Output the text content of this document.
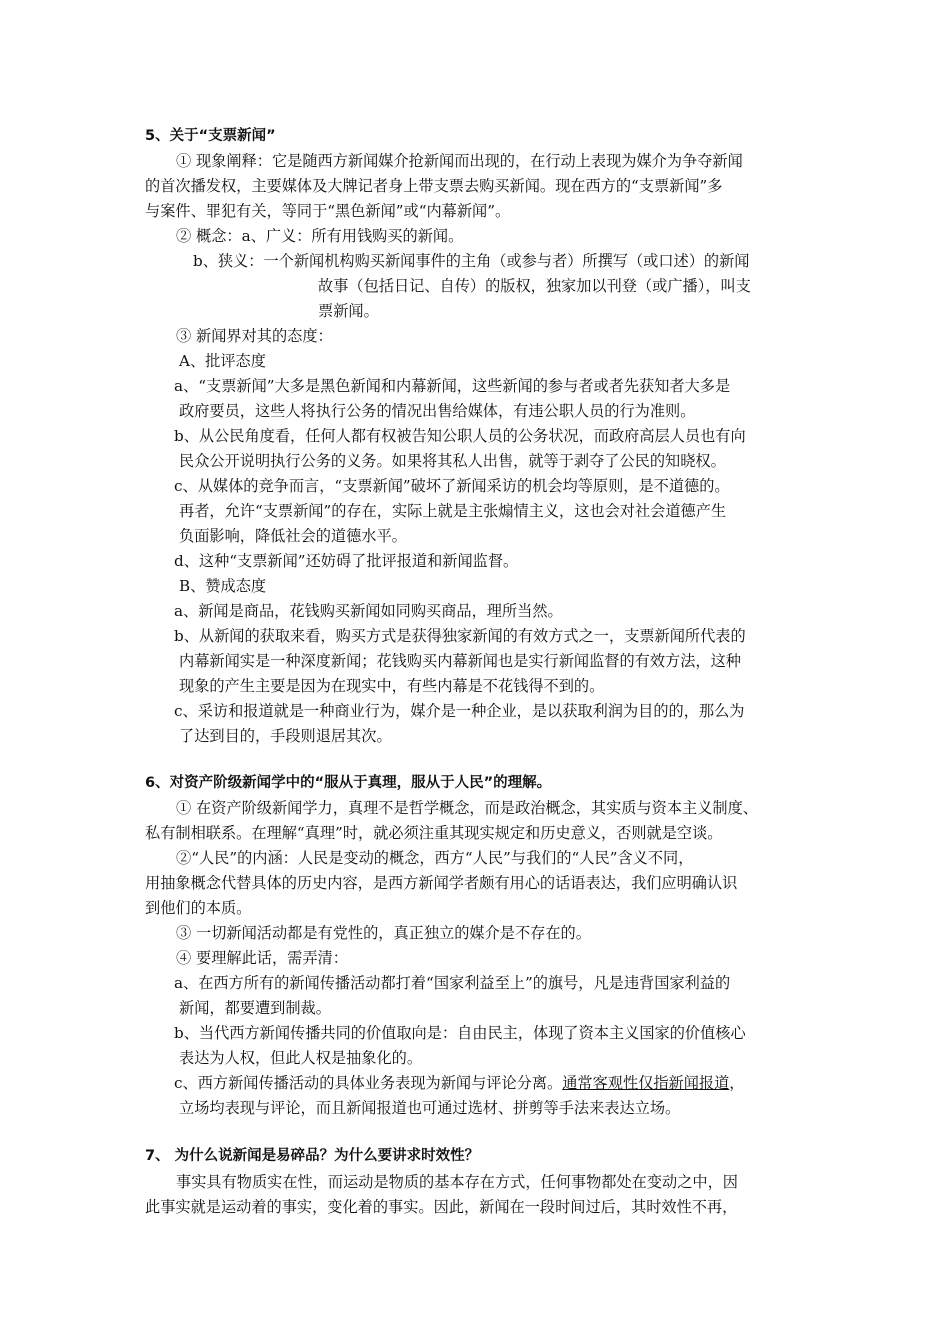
5、关于“支票新闻”
① 现象阐释：它是随西方新闻媒介抢新闻而出现的，在行动上表现为媒介为争夺新闻
的首次播发权，主要媒体及大牌记者身上带支票去购买新闻。现在西方的“支票新闻”多
与案件、罪犯有关，等同于“黑色新闻”或“内幕新闻”。
② 概念：a、广义：所有用钱购买的新闻。
b、狭义：一个新闻机构购买新闻事件的主角（或参与者）所撰写（或口述）的新闻
故事（包括日记、自传）的版权，独家加以刊登（或广播），叫支
票新闻。
③ 新闻界对其的态度：
A、批评态度
a、“支票新闻”大多是黑色新闻和内幕新闻，这些新闻的参与者或者先获知者大多是
政府要员，这些人将执行公务的情况出售给媒体，有违公职人员的行为准则。
b、从公民角度看，任何人都有权被告知公职人员的公务状况，而政府高层人员也有向
民众公开说明执行公务的义务。如果将其私人出售，就等于剥夺了公民的知晓权。
c、从媒体的竞争而言，“支票新闻”破坏了新闻采访的机会均等原则，是不道德的。
再者，允许“支票新闻”的存在，实际上就是主张煽情主义，这也会对社会道德产生
负面影响，降低社会的道德水平。
d、这种“支票新闻”还妨碍了批评报道和新闻监督。
B、赞成态度
a、新闻是商品，花钱购买新闻如同购买商品，理所当然。
b、从新闻的获取来看，购买方式是获得独家新闻的有效方式之一，支票新闻所代表的
内幕新闻实是一种深度新闻；花钱购买内幕新闻也是实行新闻监督的有效方法，这种
现象的产生主要是因为在现实中，有些内幕是不花钱得不到的。
c、采访和报道就是一种商业行为，媒介是一种企业，是以获取利润为目的的，那么为
了达到目的，手段则退居其次。
6、对资产阶级新闻学中的“服从于真理，服从于人民”的理解。
① 在资产阶级新闻学力，真理不是哲学概念，而是政治概念，其实质与资本主义制度、
私有制相联系。在理解“真理”时，就必须注重其现实规定和历史意义，否则就是空谈。
②“人民”的内涵：人民是变动的概念，西方“人民”与我们的“人民”含义不同，
用抽象概念代替具体的历史内容，是西方新闻学者颇有用心的话语表达，我们应明确认识
到他们的本质。
③ 一切新闻活动都是有党性的，真正独立的媒介是不存在的。
④ 要理解此话，需弄清：
a、在西方所有的新闻传播活动都打着“国家利益至上”的旗号，凡是违背国家利益的
新闻，都要遭到制裁。
b、当代西方新闻传播共同的价值取向是：自由民主，体现了资本主义国家的价值核心
表达为人权，但此人权是抽象化的。
c、西方新闻传播活动的具体业务表现为新闻与评论分离。通常客观性仅指新闻报道，
立场均表现与评论，而且新闻报道也可通过选材、拼剪等手法来表达立场。
7、 为什么说新闻是易碎品？为什么要讲求时效性？
事实具有物质实在性，而运动是物质的基本存在方式，任何事物都处在变动之中，因
此事实就是运动着的事实，变化着的事实。因此，新闻在一段时间过后，其时效性不再，
